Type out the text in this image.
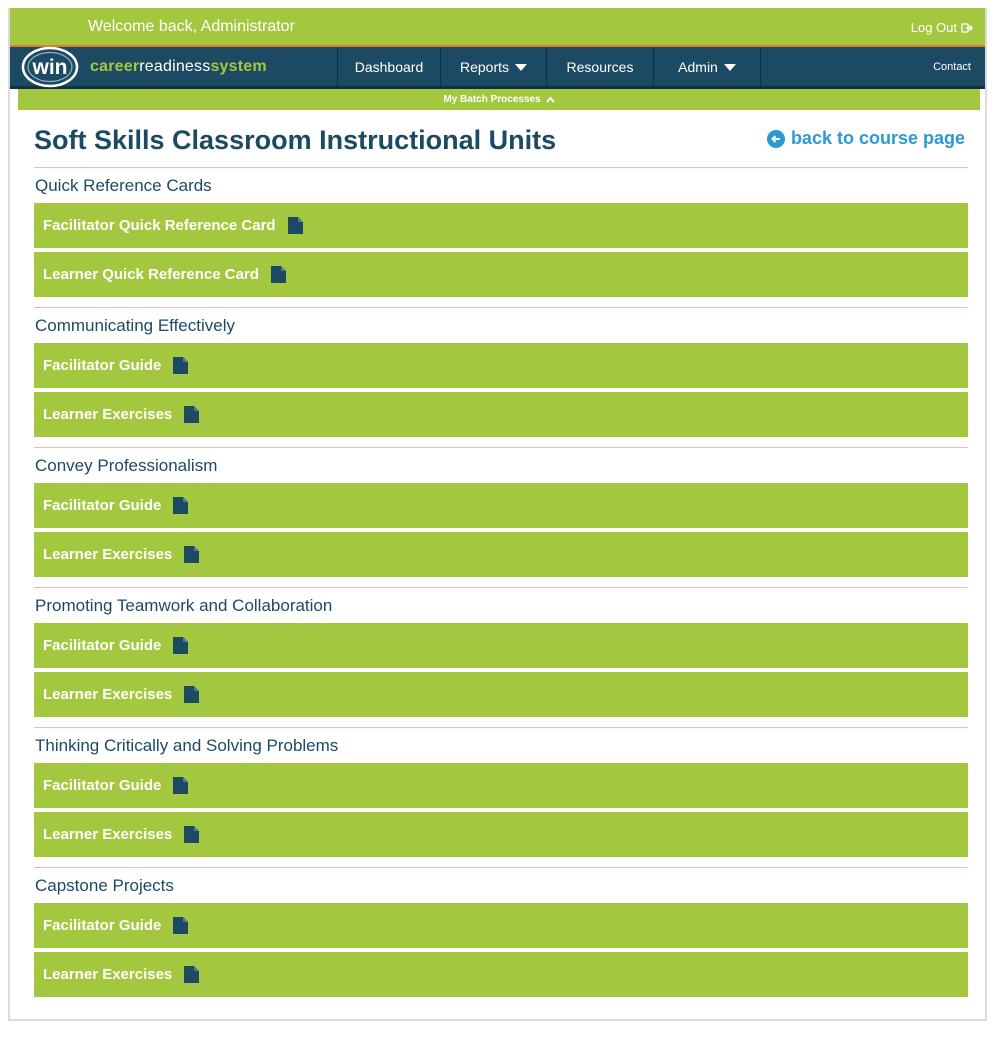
Welcome back, Administrator	Log Out
win careerreadinesssystem	Dashboard	Reports	Resources	Admin	Contact
My Batch Processes
Soft Skills Classroom Instructional Units	back to course page
Quick Reference Cards
Facilitator Quick Reference Card
Learner Quick Reference Card
Communicating Effectively
Facilitator Guide
Learner Exercises
Convey Professionalism
Facilitator Guide
Learner Exercises
Promoting Teamwork and Collaboration
Facilitator Guide
Learner Exercises
Thinking Critically and Solving Problems
Facilitator Guide
Learner Exercises
Capstone Projects
Facilitator Guide
Learner Exercises
